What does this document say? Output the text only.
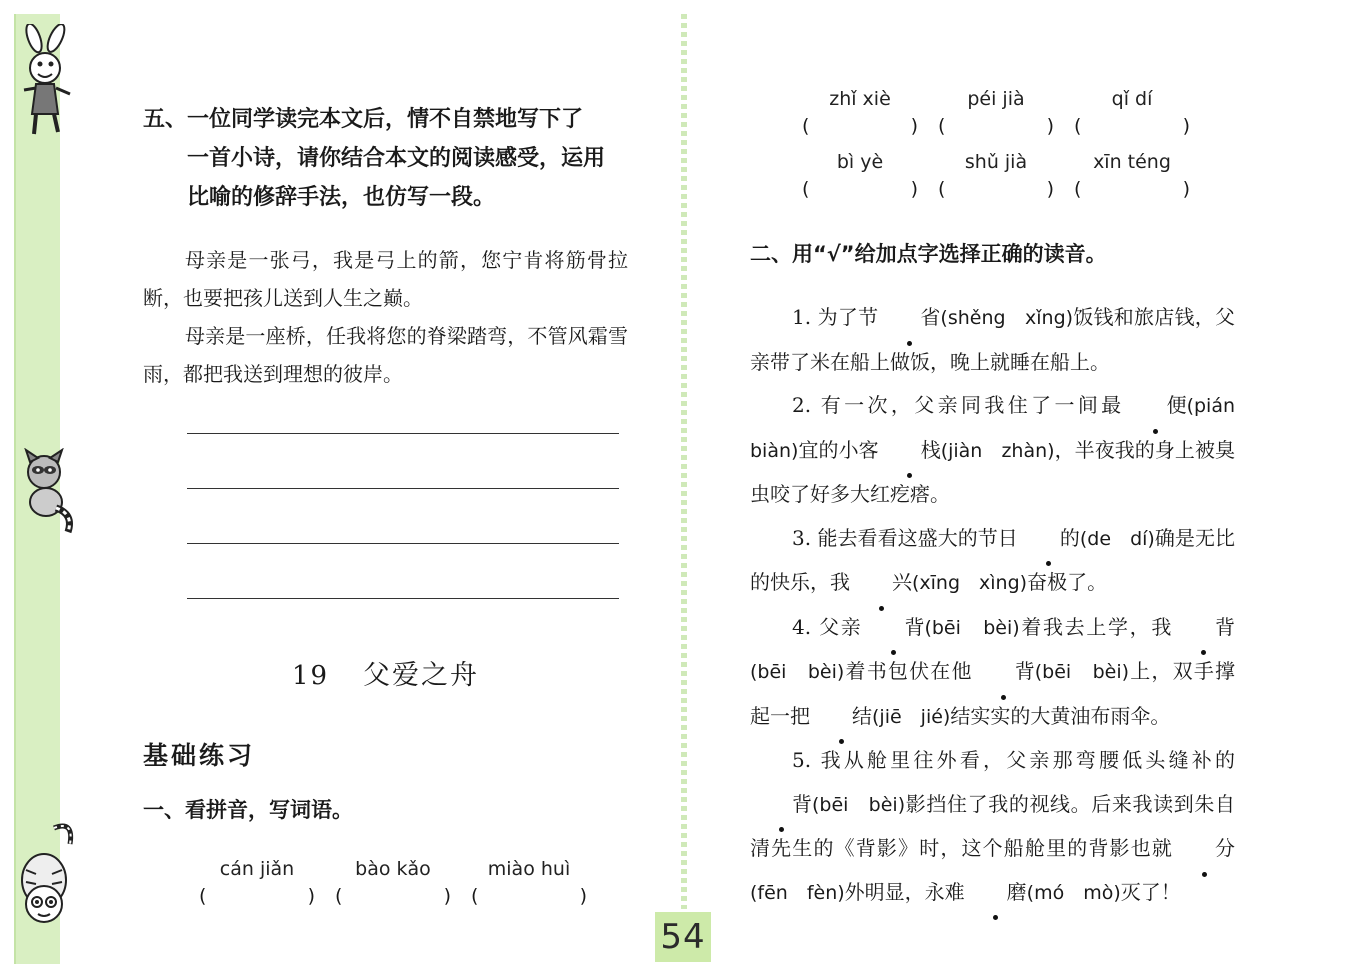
五、一位同学读完本文后，情不自禁地写下了

一首小诗，请你结合本文的阅读感受，运用

比喻的修辞手法，也仿写一段。

母亲是一张弓，我是弓上的箭，您宁肯将筋骨拉断，也要把孩儿送到人生之巅。

母亲是一座桥，任我将您的脊梁踏弯，不管风霜雪雨，都把我送到理想的彼岸。

19 父爱之舟
基础练习
一、看拼音，写词语。
cán jiǎn
(	)
bào kǎo
(	)
miào huì
(	)
zhǐ xiè
(	)
péi jià
(	)
qǐ dí
(	)
bì yè
(	)
shǔ jià
(	)
xīn téng
(	)
二、用“√”给加点字选择正确的读音。

1. 为了节 省(shěng　xǐng)饭钱和旅店钱，父亲带了米在船上做饭，晚上就睡在船上。

2. 有一次，父亲同我住了一间最 便(pián　biàn)宜的小客 栈(jiàn　zhàn)，半夜我的身上被臭虫咬了好多大红疙瘩。

3. 能去看看这盛大的节日 的(de　dí)确是无比的快乐，我 兴(xīng　xìng)奋极了。

4. 父亲 背(bēi　bèi)着我去上学，我 背(bēi　bèi)着书包伏在他 背(bēi　bèi)上，双手撑起一把 结(jiē　jié)结实实的大黄油布雨伞。

5. 我从舱里往外看，父亲那弯腰低头缝补的背(bēi　bèi)影挡住了我的视线。后来我读到朱自清先生的《背影》时，这个船舱里的背影也就 分(fēn　fèn)外明显，永难 磨(mó　mò)灭了！

54
